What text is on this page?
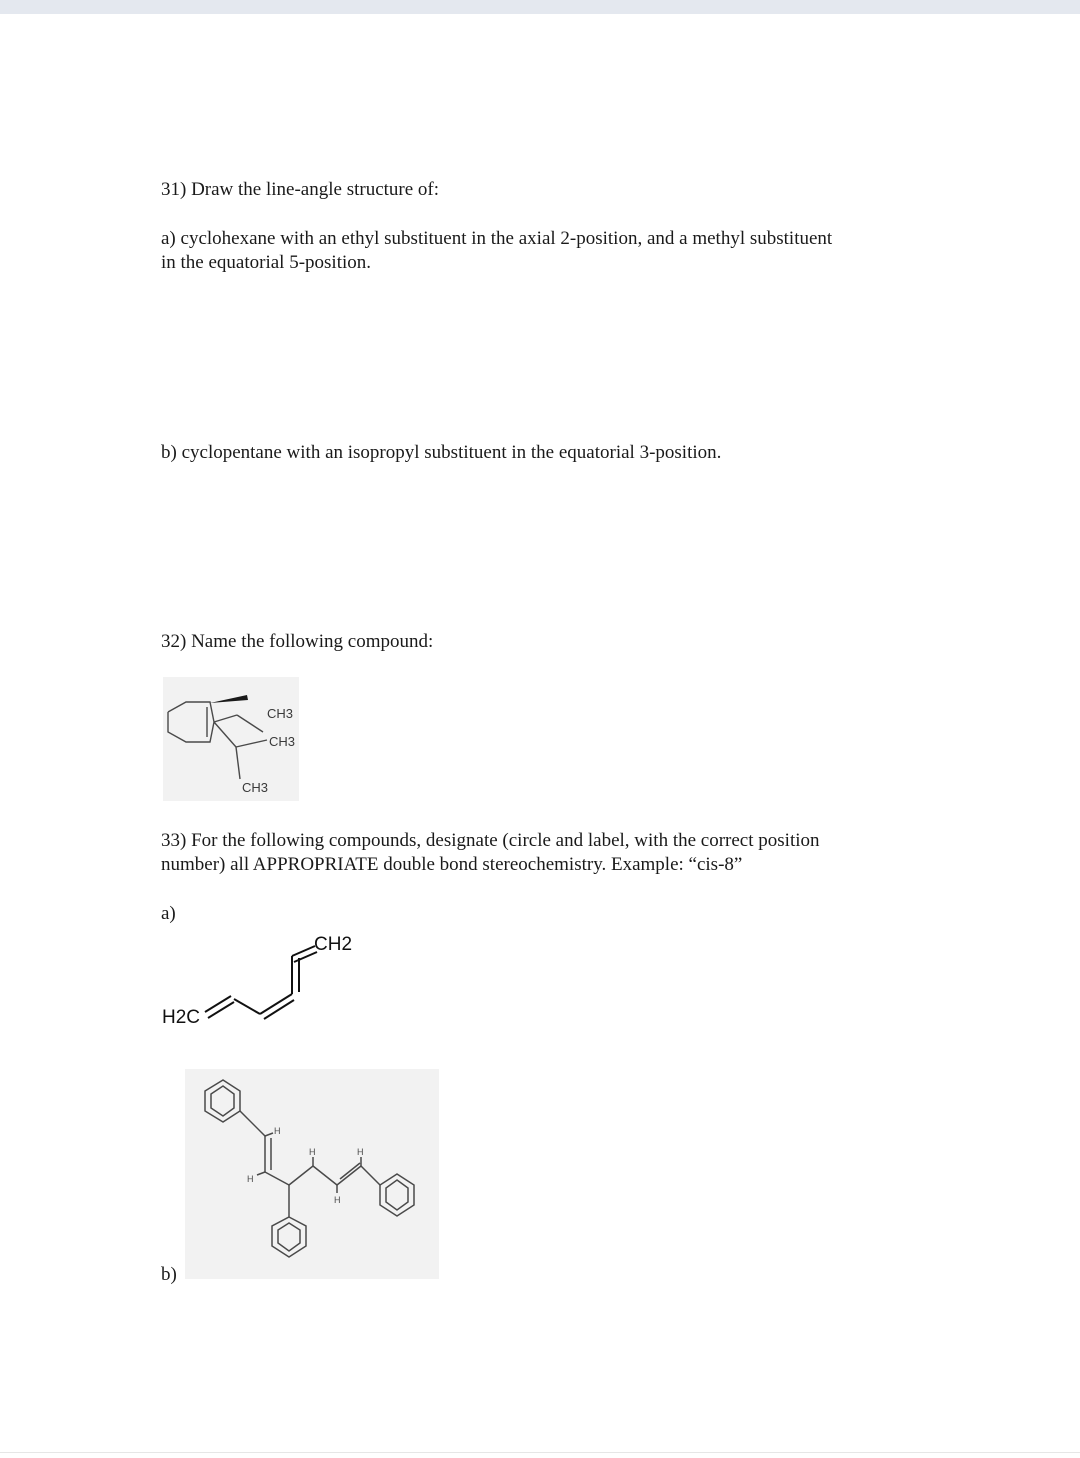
31) Draw the line-angle structure of:
a) cyclohexane with an ethyl substituent in the axial 2-position, and a methyl substituent
in the equatorial 5-position.
b) cyclopentane with an isopropyl substituent in the equatorial 3-position.
32) Name the following compound:
CH3
CH3
CH3
33) For the following compounds, designate (circle and label, with the correct position
number) all APPROPRIATE double bond stereochemistry. Example: “cis-8”
a)
H2C
CH2
H
H
H
H
H
b)
